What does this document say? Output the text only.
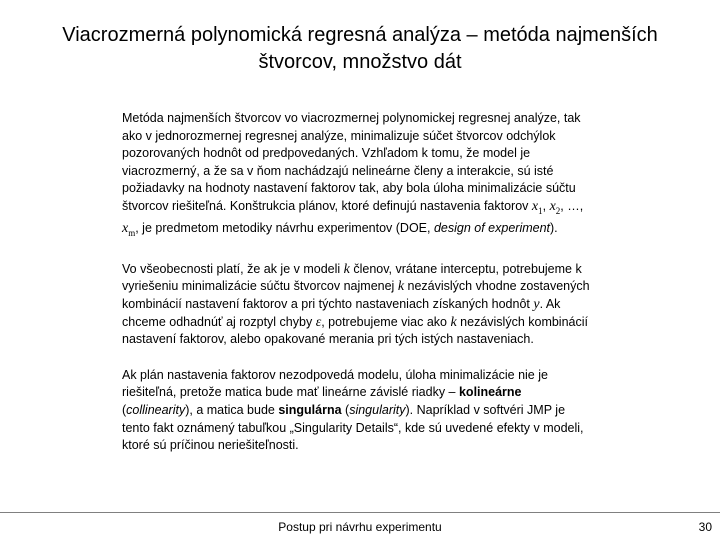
Viacrozmerná polynomická regresná analýza – metóda najmenších
štvorcov, množstvo dát

Metóda najmenších štvorcov vo viacrozmernej polynomickej regresnej analýze, tak ako v jednorozmernej regresnej analýze, minimalizuje súčet štvorcov odchýlok pozorovaných hodnôt od predpovedaných. Vzhľadom k tomu, že model je viacrozmerný, a že sa v ňom nachádzajú nelineárne členy a interakcie, sú isté požiadavky na hodnoty nastavení faktorov tak, aby bola úloha minimalizácie súčtu štvorcov riešiteľná. Konštrukcia plánov, ktoré definujú nastavenia faktorov $x_1$, $x_2$, …, $x_m$, je predmetom metodiky návrhu experimentov (DOE, design of experiment).

Vo všeobecnosti platí, že ak je v modeli k členov, vrátane interceptu, potrebujeme k vyriešeniu minimalizácie súčtu štvorcov najmenej k nezávislých vhodne zostavených kombinácií nastavení faktorov a pri týchto nastaveniach získaných hodnôt y. Ak chceme odhadnúť aj rozptyl chyby ε, potrebujeme viac ako k nezávislých kombinácií nastavení faktorov, alebo opakované merania pri tých istých nastaveniach.

Ak plán nastavenia faktorov nezodpovedá modelu, úloha minimalizácie nie je riešiteľná, pretože matica bude mať lineárne závislé riadky – kolineárne (collinearity), a matica bude singulárna (singularity). Napríklad v softvéri JMP je tento fakt oznámený tabuľkou „Singularity Details“, kde sú uvedené efekty v modeli, ktoré sú príčinou neriešiteľnosti.

Postup pri návrhu experimentu	30
